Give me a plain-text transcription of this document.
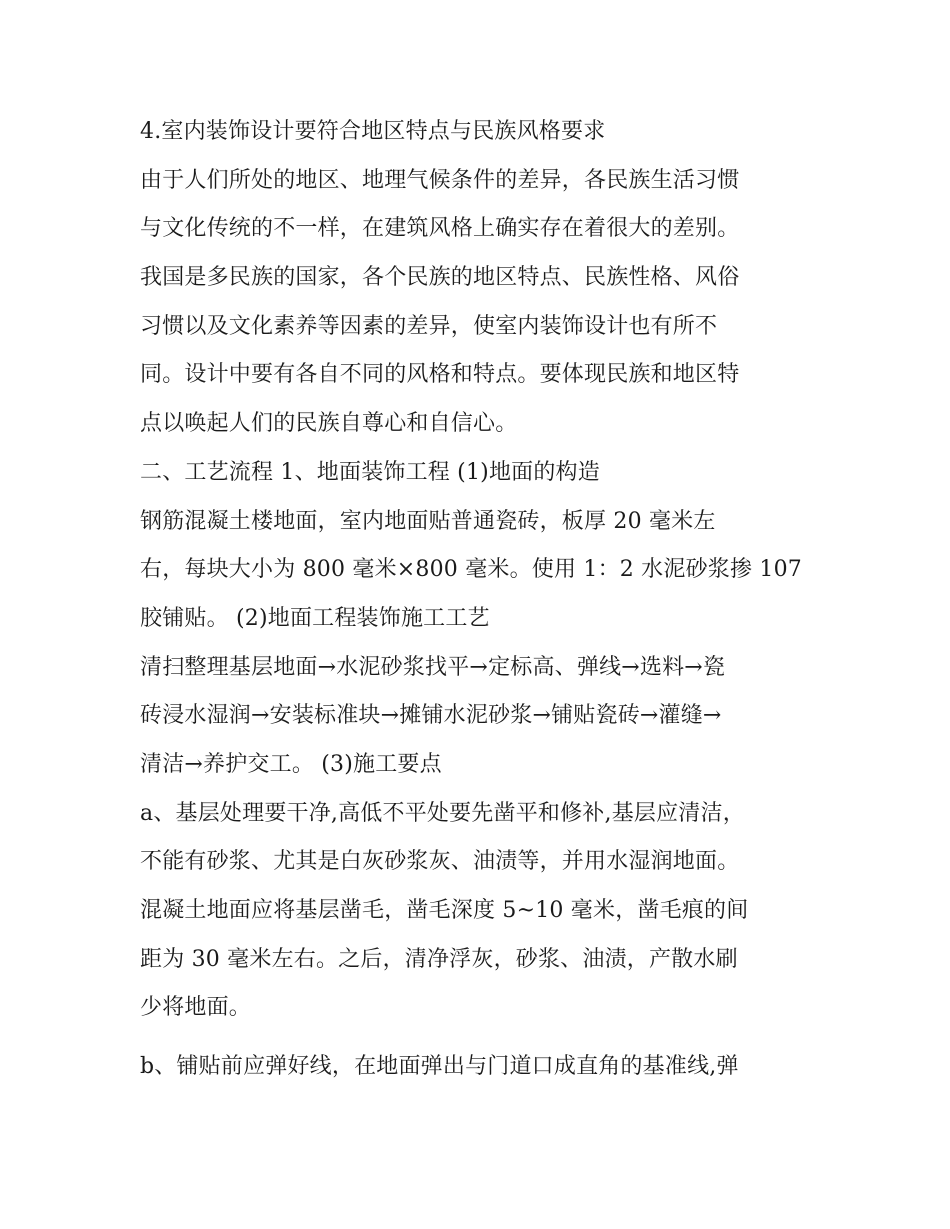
4.室内装饰设计要符合地区特点与民族风格要求
由于人们所处的地区、地理气候条件的差异，各民族生活习惯
与文化传统的不一样，在建筑风格上确实存在着很大的差别。
我国是多民族的国家，各个民族的地区特点、民族性格、风俗
习惯以及文化素养等因素的差异，使室内装饰设计也有所不
同。设计中要有各自不同的风格和特点。要体现民族和地区特
点以唤起人们的民族自尊心和自信心。
二、工艺流程 1、地面装饰工程 (1)地面的构造
钢筋混凝土楼地面，室内地面贴普通瓷砖，板厚 20 毫米左
右，每块大小为 800 毫米×800 毫米。使用 1：2 水泥砂浆掺 107
胶铺贴。 (2)地面工程装饰施工工艺
清扫整理基层地面→水泥砂浆找平→定标高、弹线→选料→瓷
砖浸水湿润→安装标准块→摊铺水泥砂浆→铺贴瓷砖→灌缝→
清洁→养护交工。 (3)施工要点
a、基层处理要干净,高低不平处要先凿平和修补,基层应清洁，
不能有砂浆、尤其是白灰砂浆灰、油渍等，并用水湿润地面。
混凝土地面应将基层凿毛，凿毛深度 5~10 毫米，凿毛痕的间
距为 30 毫米左右。之后，清净浮灰，砂浆、油渍，产散水刷
少将地面。
b、铺贴前应弹好线，在地面弹出与门道口成直角的基准线,弹
